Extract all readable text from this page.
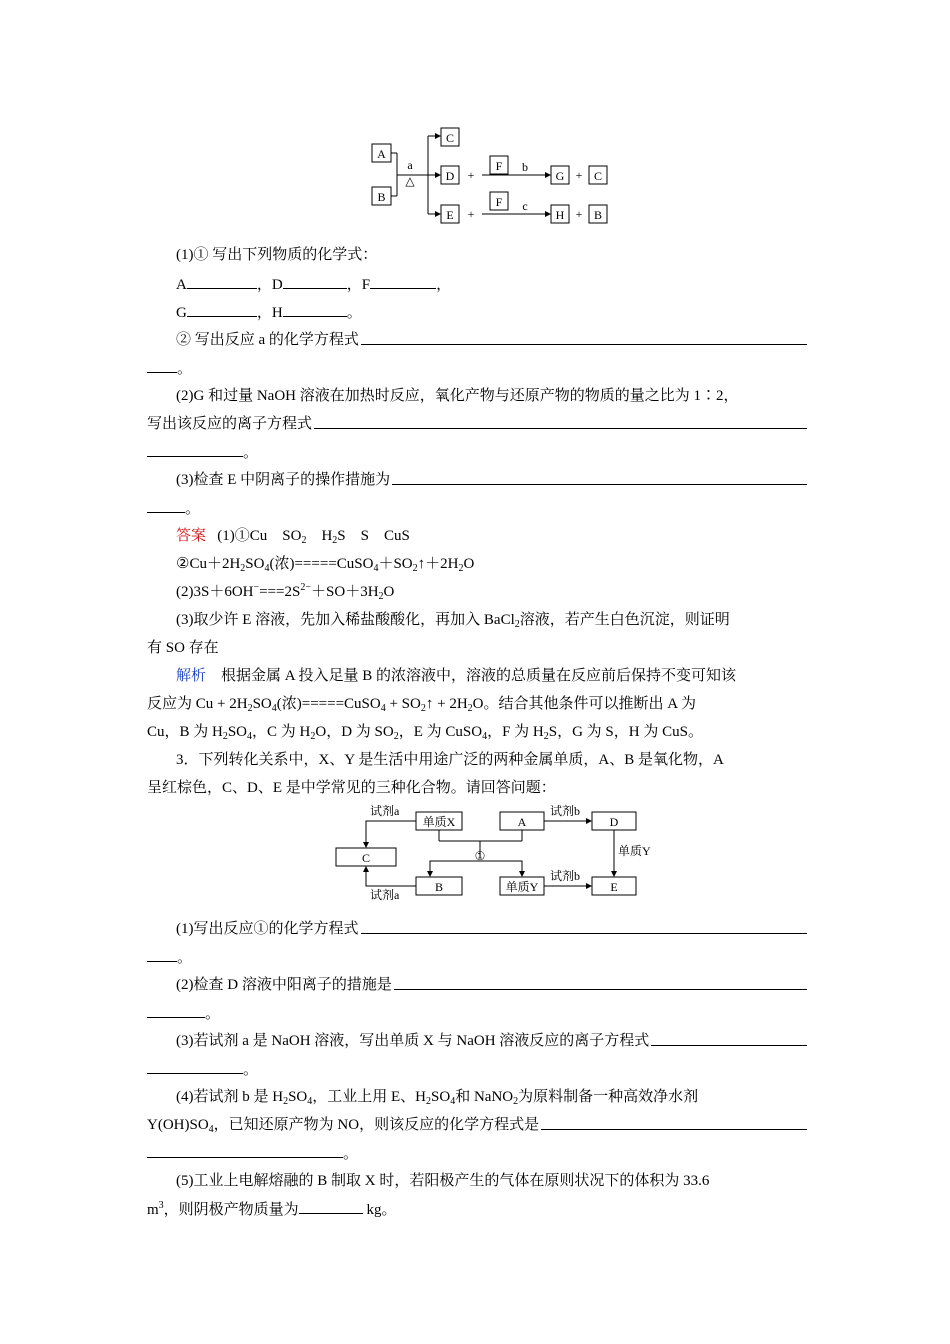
A
B
a
△
C
D
E
+
+
F
F
b
c
G + C
H + B
(1)① 写出下列物质的化学式：
A	，D	，F	，
G	，H	。
② 写出反应 a 的化学方程式
。
(2)G 和过量 NaOH 溶液在加热时反应，氧化产物与还原产物的物质的量之比为 1∶2，
写出该反应的离子方程式
。
(3)检查 E 中阴离子的操作措施为
。
答案 (1)①Cu $SO_2$ $H_2S$ S CuS
$②Cu+2H_2SO_4$(浓)$=====CuSO_4+SO_2↑+2H_2O$
$(2)3S+6OH^-===2S^{2-}+SO+3H_2O$
(3)取少许 E 溶液，先加入稀盐酸酸化，再加入 BaCl$_2$溶液，若产生白色沉淀，则证明
有 SO 存在
解析 根据金属 A 投入足量 B 的浓溶液中，溶液的总质量在反应前后保持不变可知该
反应为 $Cu + 2H_2SO_4$(浓)=====CuSO$_4$ + $SO_2↑ + 2H_2O$。结合其他条件可以推断出 A 为
Cu，B 为 $H_2SO_4$，C 为 $H_2O$，D 为 $SO_2$，E 为 CuSO$_4$，F 为 $H_2S$，G 为 S，H 为 CuS。
3．下列转化关系中，X、Y 是生活中用途广泛的两种金属单质，A、B 是氧化物，A
呈红棕色，C、D、E 是中学常见的三种化合物。请回答问题：
单质X	A	D
C
B	单质Y	E
试剂a
试剂a
试剂b
试剂b
单质Y
①
(1)写出反应①的化学方程式
。
(2)检查 D 溶液中阳离子的措施是
。
(3)若试剂 a 是 NaOH 溶液，写出单质 X 与 NaOH 溶液反应的离子方程式
。
(4)若试剂 b 是 $H_2SO_4$，工业上用 E、$H_2SO_4$和 NaNO$_2$为原料制备一种高效净水剂
$Y(OH)SO_4$，已知还原产物为 NO，则该反应的化学方程式是
。
(5)工业上电解熔融的 B 制取 X 时，若阳极产生的气体在原则状况下的体积为 33.6
$m^3$，则阴极产物质量为	kg。
